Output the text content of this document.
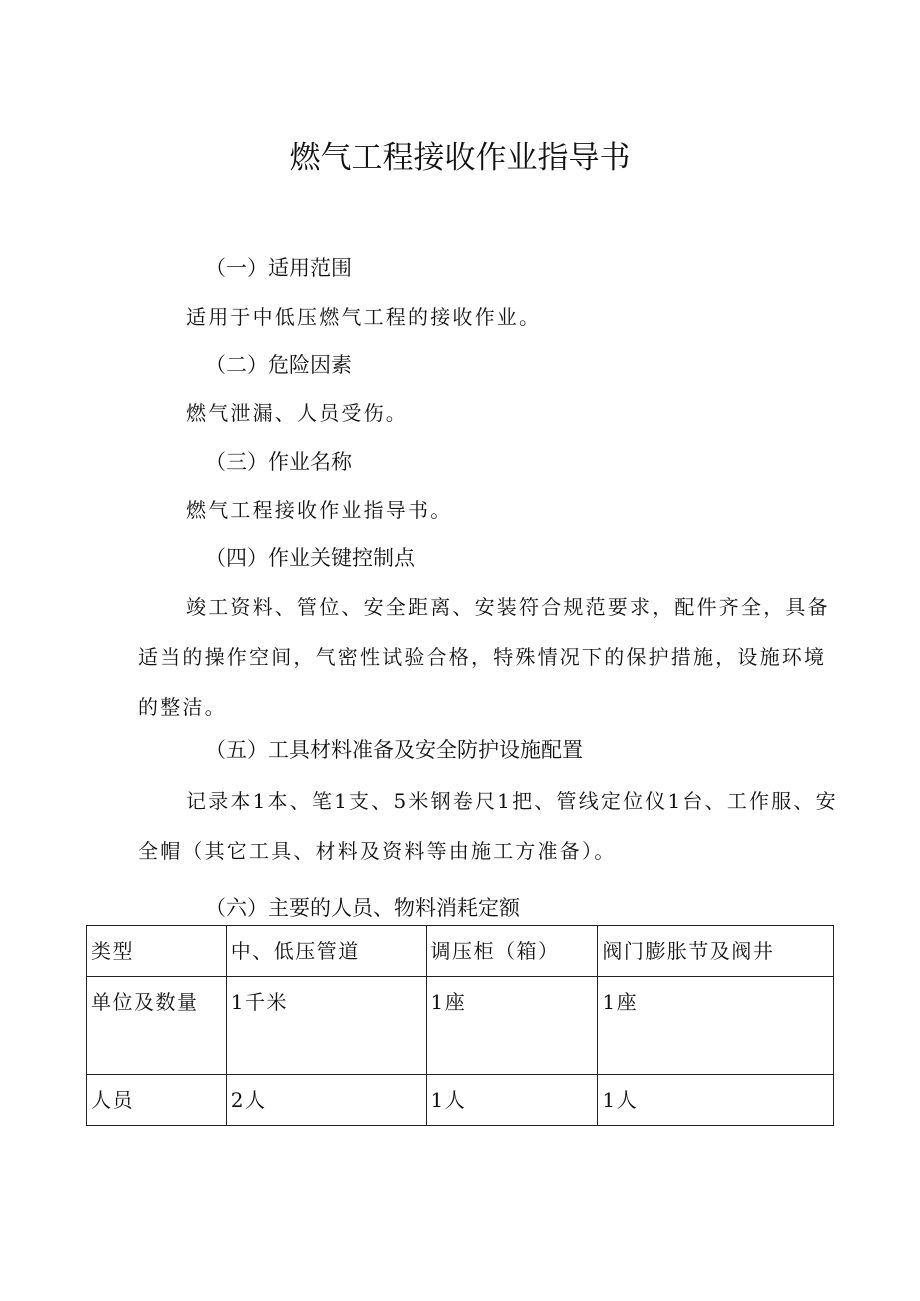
燃气工程接收作业指导书
（一）适用范围

适用于中低压燃气工程的接收作业。

（二）危险因素

燃气泄漏、人员受伤。

（三）作业名称

燃气工程接收作业指导书。

（四）作业关键控制点

竣工资料、管位、安全距离、安装符合规范要求，配件齐全，具备适当的操作空间，气密性试验合格，特殊情况下的保护措施，设施环境的整洁。

（五）工具材料准备及安全防护设施配置

记录本1本、笔1支、5米钢卷尺1把、管线定位仪1台、工作服、安全帽（其它工具、材料及资料等由施工方准备）。

（六）主要的人员、物料消耗定额
类型	中、低压管道	调压柜（箱）	阀门膨胀节及阀井
单位及数量	1千米	1座	1座
人员	2人	1人	1人
